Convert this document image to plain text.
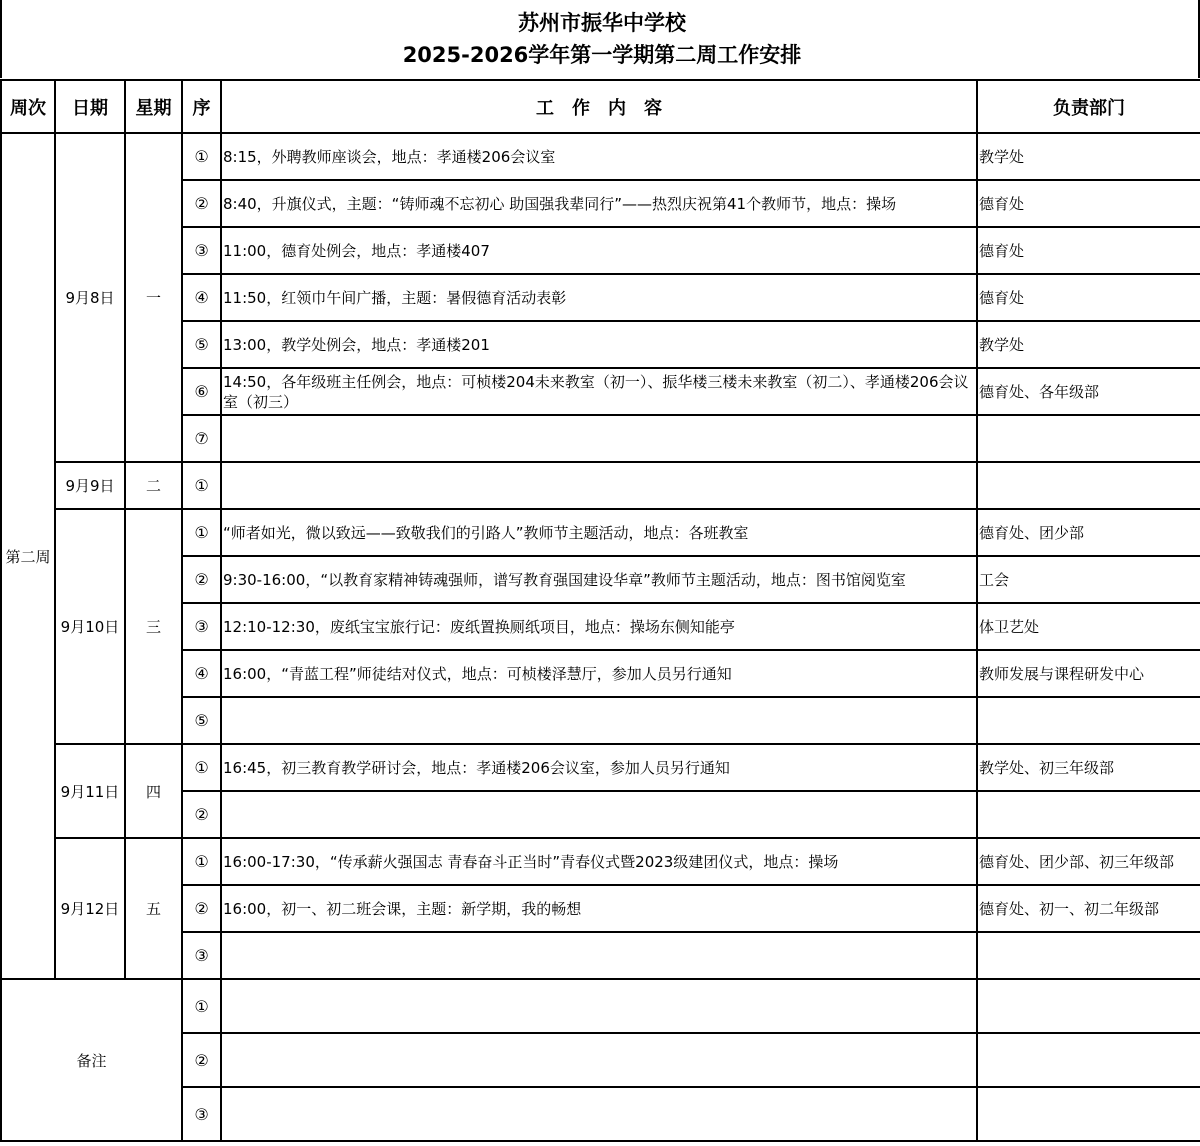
苏州市振华中学校
2025-2026学年第一学期第二周工作安排
周次	日期	星期	序	工作内容	负责部门
第二周	9月8日	一	①	8:15，外聘教师座谈会，地点：孝通楼206会议室	教学处
			②	8:40，升旗仪式，主题：“铸师魂不忘初心 助国强我辈同行”——热烈庆祝第41个教师节，地点：操场	德育处
			③	11:00，德育处例会，地点：孝通楼407	德育处
			④	11:50，红领巾午间广播，主题：暑假德育活动表彰	德育处
			⑤	13:00，教学处例会，地点：孝通楼201	教学处
			⑥	14:50，各年级班主任例会，地点：可桢楼204未来教室（初一）、振华楼三楼未来教室（初二）、孝通楼206会议室（初三）	德育处、各年级部
			⑦		
	9月9日	二	①		
	9月10日	三	①	“师者如光，微以致远——致敬我们的引路人”教师节主题活动，地点：各班教室	德育处、团少部
			②	9:30-16:00，“以教育家精神铸魂强师，谱写教育强国建设华章”教师节主题活动，地点：图书馆阅览室	工会
			③	12:10-12:30，废纸宝宝旅行记：废纸置换厕纸项目，地点：操场东侧知能亭	体卫艺处
			④	16:00，“青蓝工程”师徒结对仪式，地点：可桢楼泽慧厅，参加人员另行通知	教师发展与课程研发中心
			⑤		
	9月11日	四	①	16:45，初三教育教学研讨会，地点：孝通楼206会议室，参加人员另行通知	教学处、初三年级部
			②		
	9月12日	五	①	16:00-17:30，“传承薪火强国志 青春奋斗正当时”青春仪式暨2023级建团仪式，地点：操场	德育处、团少部、初三年级部
			②	16:00，初一、初二班会课，主题：新学期，我的畅想	德育处、初一、初二年级部
			③		
备注			①		
			②		
			③		
